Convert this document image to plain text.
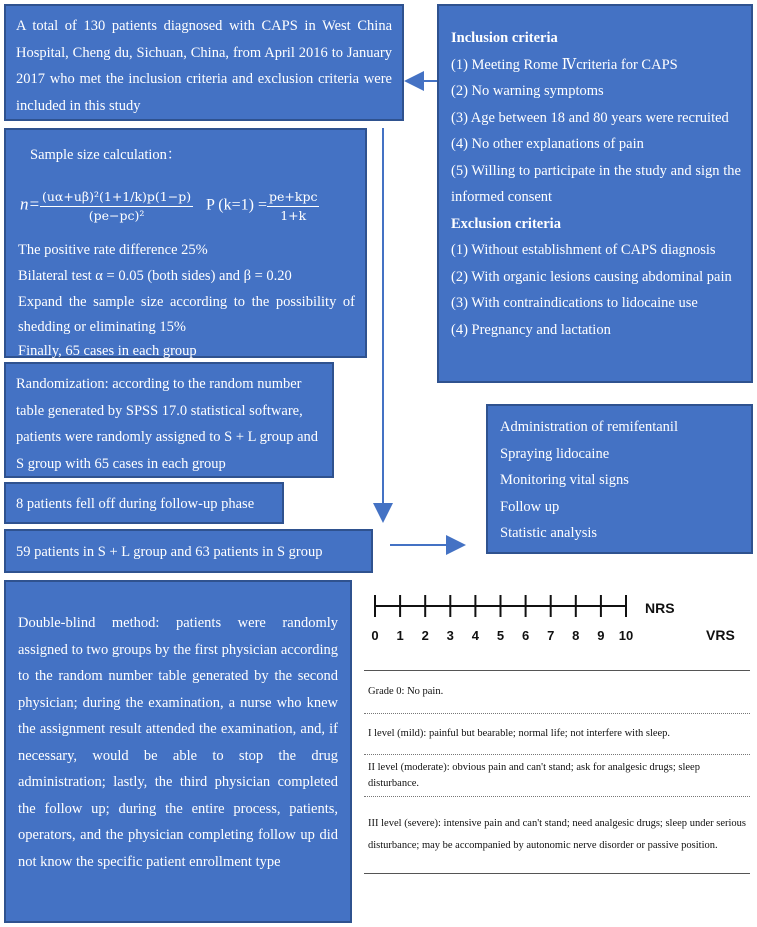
A total of 130 patients diagnosed with CAPS in West China Hospital, Cheng du, Sichuan, China, from April 2016 to January 2017 who met the inclusion criteria and exclusion criteria were included in this study

Inclusion criteria

(1) Meeting Rome Ⅳcriteria for CAPS

(2) No warning symptoms

(3) Age between 18 and 80 years were recruited

(4) No other explanations of pain

(5) Willing to participate in the study and sign the informed consent

Exclusion criteria

(1) Without establishment of CAPS diagnosis

(2) With organic lesions causing abdominal pain

(3) With contraindications to lidocaine use

(4) Pregnancy and lactation

Sample size calculation：

$n= \frac{\text{(uα+uβ)²(1+1/k)p(1−p)}}{\text{(pe−pc)²}}$ P $(k=1) = \frac{\text{pe+kpc}}{1+k}$

The positive rate difference 25%

Bilateral test α = 0.05 (both sides) and β = 0.20

Expand the sample size according to the possibility of shedding or eliminating 15%

Finally, 65 cases in each group

Randomization: according to the random number table generated by SPSS 17.0 statistical software, patients were randomly assigned to S + L group and S group with 65 cases in each group

8 patients fell off during follow-up phase

59 patients in S + L group and 63 patients in S group

Administration of remifentanil

Spraying lidocaine

Monitoring vital signs

Follow up

Statistic analysis

Double-blind method: patients were randomly assigned to two groups by the first physician according to the random number table generated by the second physician; during the examination, a nurse who knew the assignment result attended the examination, and, if necessary, would be able to stop the drug administration; lastly, the third physician completed the follow up; during the entire process, patients, operators, and the physician completing follow up did not know the specific patient enrollment type

0 1 2 3 4 5 6 7 8 9 10
NRS
VRS
Grade 0: No pain.
I level (mild): painful but bearable; normal life; not interfere with sleep.
II level (moderate): obvious pain and can't stand; ask for analgesic drugs; sleep disturbance.
III level (severe): intensive pain and can't stand; need analgesic drugs; sleep under serious disturbance; may be accompanied by autonomic nerve disorder or passive position.
